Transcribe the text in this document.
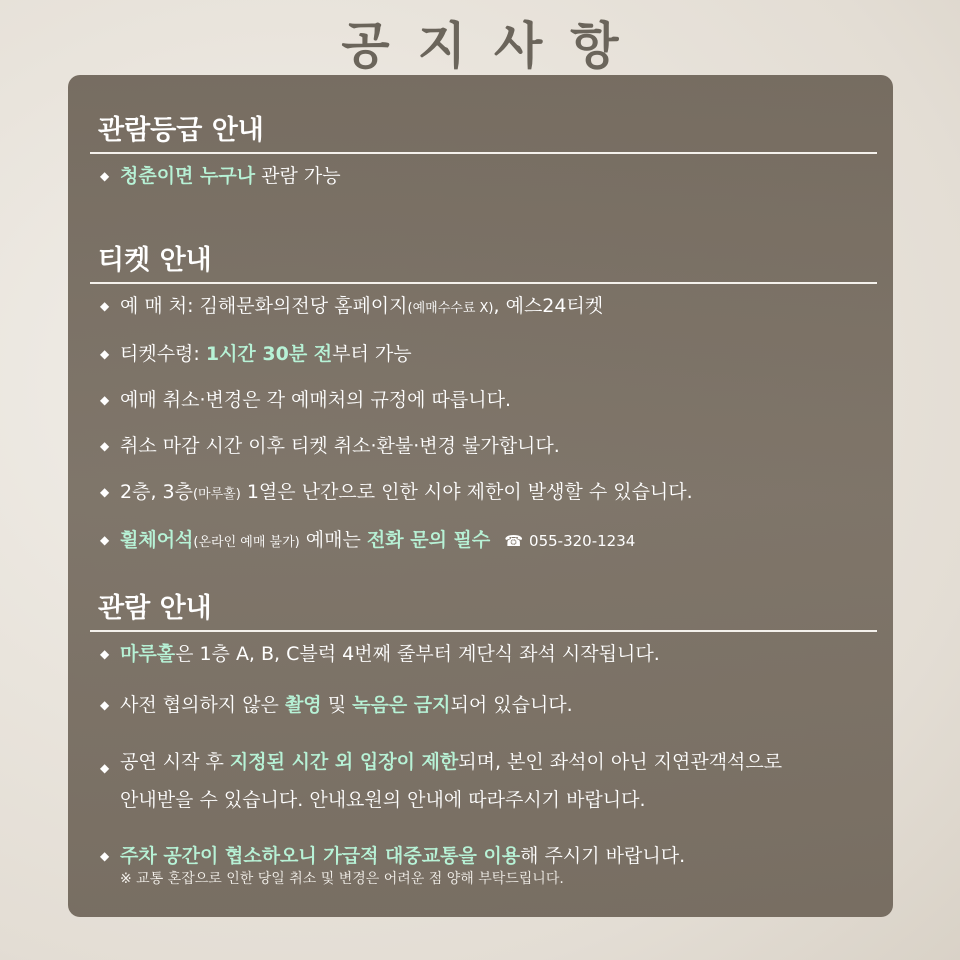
공지사항
관람등급 안내
◆ 청춘이면 누구나 관람 가능
티켓 안내
◆ 예 매 처: 김해문화의전당 홈페이지(예매수수료 X), 예스24티켓
◆ 티켓수령: 1시간 30분 전부터 가능
◆ 예매 취소·변경은 각 예매처의 규정에 따릅니다.
◆ 취소 마감 시간 이후 티켓 취소·환불·변경 불가합니다.
◆ 2층, 3층(마루홀) 1열은 난간으로 인한 시야 제한이 발생할 수 있습니다.
◆ 휠체어석(온라인 예매 불가) 예매는 전화 문의 필수 ☎ 055-320-1234
관람 안내
◆ 마루홀은 1층 A, B, C블럭 4번째 줄부터 계단식 좌석 시작됩니다.
◆ 사전 협의하지 않은 촬영 및 녹음은 금지되어 있습니다.
◆ 공연 시작 후 지정된 시간 외 입장이 제한되며, 본인 좌석이 아닌 지연관객석으로
안내받을 수 있습니다. 안내요원의 안내에 따라주시기 바랍니다.
◆ 주차 공간이 협소하오니 가급적 대중교통을 이용해 주시기 바랍니다.
※ 교통 혼잡으로 인한 당일 취소 및 변경은 어려운 점 양해 부탁드립니다.
